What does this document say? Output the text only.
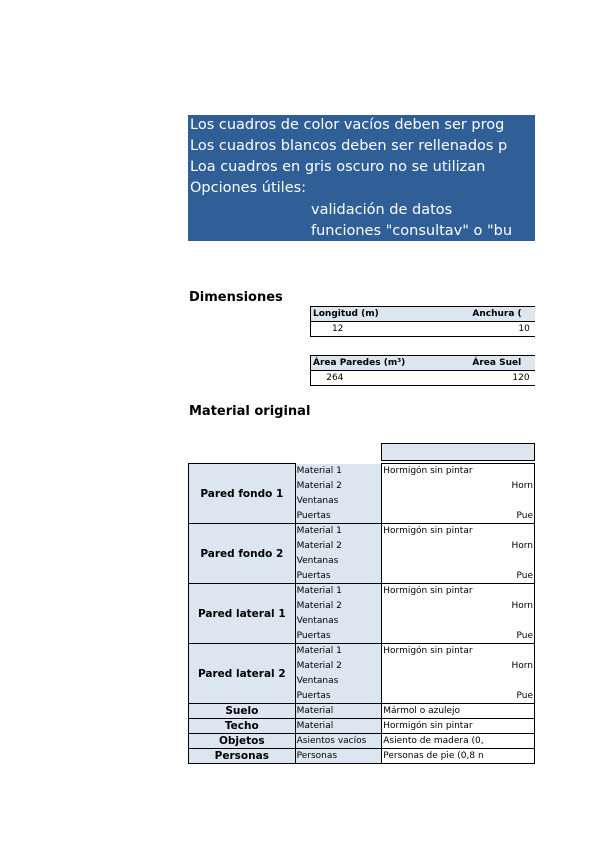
Los cuadros de color vacíos deben ser prog
Los cuadros blancos deben ser rellenados p
Loa cuadros en gris oscuro no se utilizan
Opciones útiles:
validación de datos
funciones "consultav" o "bu
Dimensiones
Longitud (m)	Anchura (
12	10
Área Paredes (m³)	Área Suel
264	120
Material original

Pared fondo 1	Material 1	Hormigón sin pintar
	Material 2	Horn
	Ventanas	
	Puertas	Pue
Pared fondo 2	Material 1	Hormigón sin pintar
	Material 2	Horn
	Ventanas	
	Puertas	Pue
Pared lateral 1	Material 1	Hormigón sin pintar
	Material 2	Horn
	Ventanas	
	Puertas	Pue
Pared lateral 2	Material 1	Hormigón sin pintar
	Material 2	Horn
	Ventanas	
	Puertas	Pue
Suelo	Material	Mármol o azulejo
Techo	Material	Hormigón sin pintar
Objetos	Asientos vacíos	Asiento de madera (0,
Personas	Personas	Personas de pie (0,8 n
